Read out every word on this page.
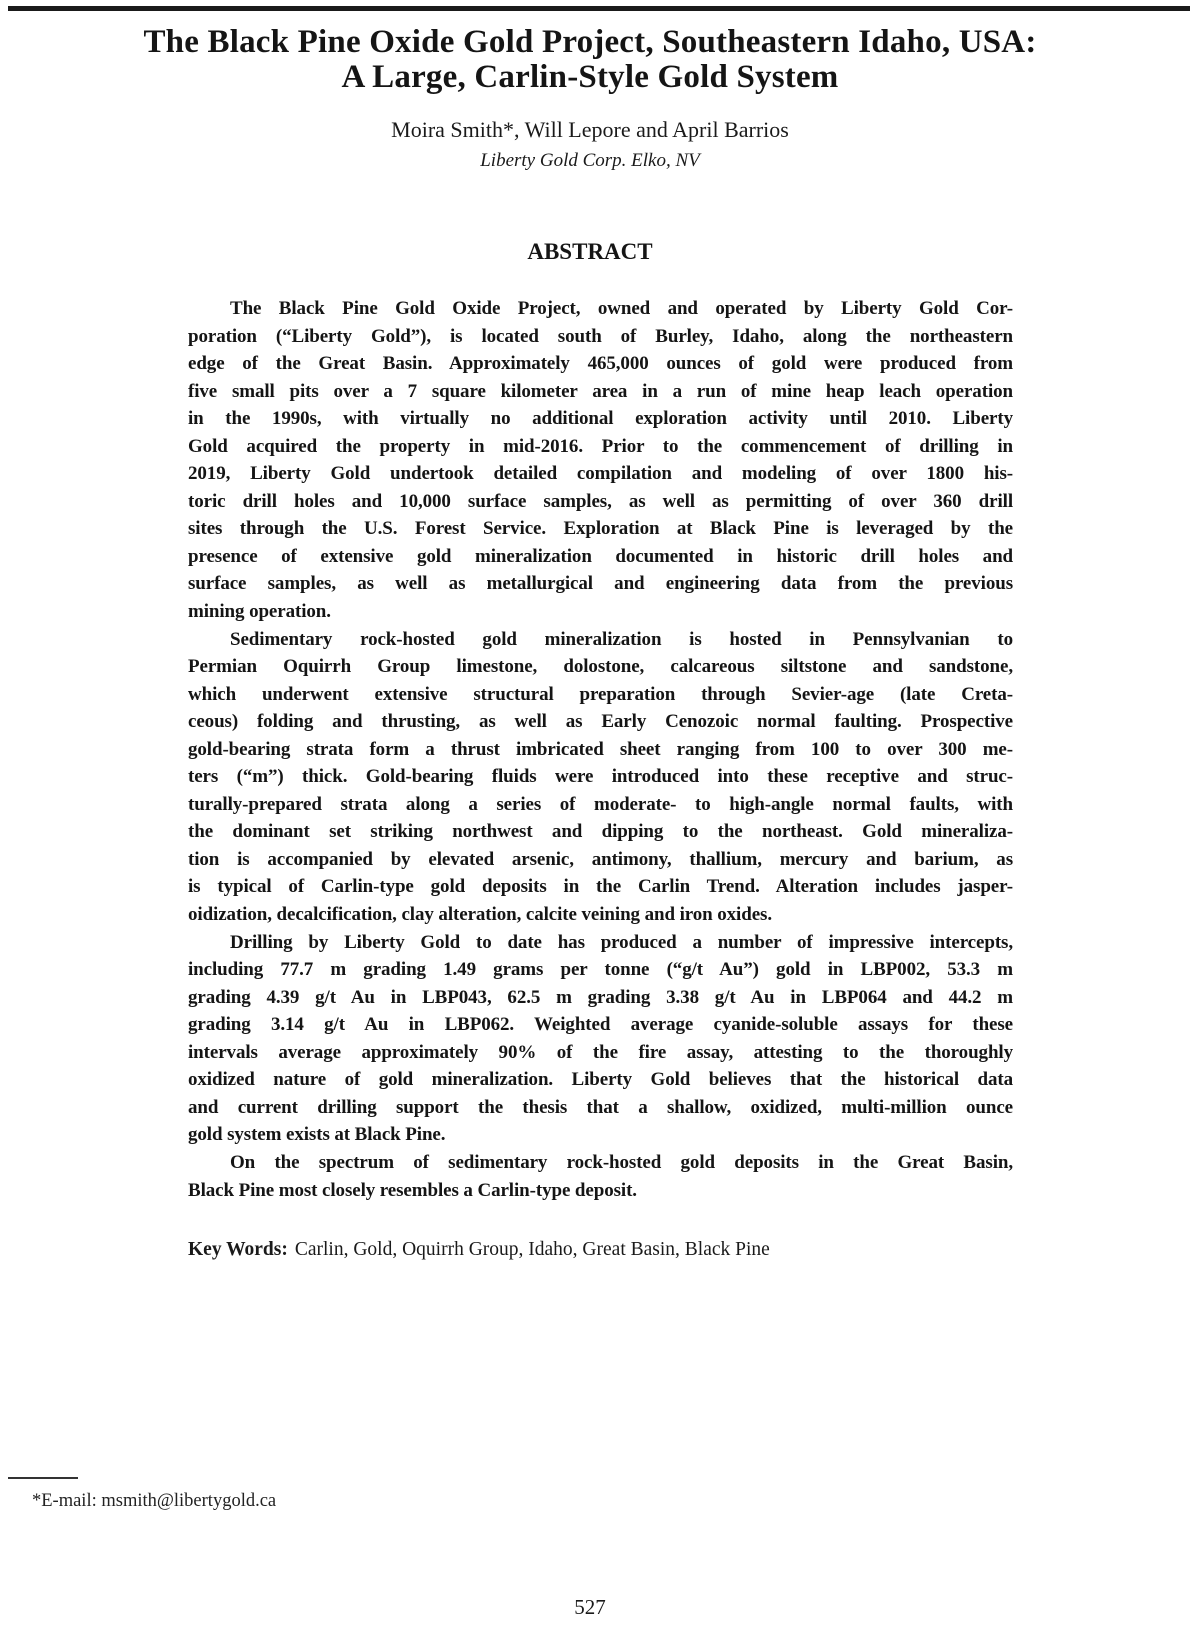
The Black Pine Oxide Gold Project, Southeastern Idaho, USA:
A Large, Carlin-Style Gold System
Moira Smith*, Will Lepore and April Barrios
Liberty Gold Corp. Elko, NV
ABSTRACT
The Black Pine Gold Oxide Project, owned and operated by Liberty Gold Cor-
poration (“Liberty Gold”), is located south of Burley, Idaho, along the northeastern
edge of the Great Basin. Approximately 465,000 ounces of gold were produced from
five small pits over a 7 square kilometer area in a run of mine heap leach operation
in the 1990s, with virtually no additional exploration activity until 2010. Liberty
Gold acquired the property in mid-2016. Prior to the commencement of drilling in
2019, Liberty Gold undertook detailed compilation and modeling of over 1800 his-
toric drill holes and 10,000 surface samples, as well as permitting of over 360 drill
sites through the U.S. Forest Service. Exploration at Black Pine is leveraged by the
presence of extensive gold mineralization documented in historic drill holes and
surface samples, as well as metallurgical and engineering data from the previous
mining operation.
Sedimentary rock-hosted gold mineralization is hosted in Pennsylvanian to
Permian Oquirrh Group limestone, dolostone, calcareous siltstone and sandstone,
which underwent extensive structural preparation through Sevier-age (late Creta-
ceous) folding and thrusting, as well as Early Cenozoic normal faulting. Prospective
gold-bearing strata form a thrust imbricated sheet ranging from 100 to over 300 me-
ters (“m”) thick. Gold-bearing fluids were introduced into these receptive and struc-
turally-prepared strata along a series of moderate- to high-angle normal faults, with
the dominant set striking northwest and dipping to the northeast. Gold mineraliza-
tion is accompanied by elevated arsenic, antimony, thallium, mercury and barium, as
is typical of Carlin-type gold deposits in the Carlin Trend. Alteration includes jasper-
oidization, decalcification, clay alteration, calcite veining and iron oxides.
Drilling by Liberty Gold to date has produced a number of impressive intercepts,
including 77.7 m grading 1.49 grams per tonne (“g/t Au”) gold in LBP002, 53.3 m
grading 4.39 g/t Au in LBP043, 62.5 m grading 3.38 g/t Au in LBP064 and 44.2 m
grading 3.14 g/t Au in LBP062. Weighted average cyanide-soluble assays for these
intervals average approximately 90% of the fire assay, attesting to the thoroughly
oxidized nature of gold mineralization. Liberty Gold believes that the historical data
and current drilling support the thesis that a shallow, oxidized, multi-million ounce
gold system exists at Black Pine.
On the spectrum of sedimentary rock-hosted gold deposits in the Great Basin,
Black Pine most closely resembles a Carlin-type deposit.
Key Words: Carlin, Gold, Oquirrh Group, Idaho, Great Basin, Black Pine
*E-mail: msmith@libertygold.ca
527
